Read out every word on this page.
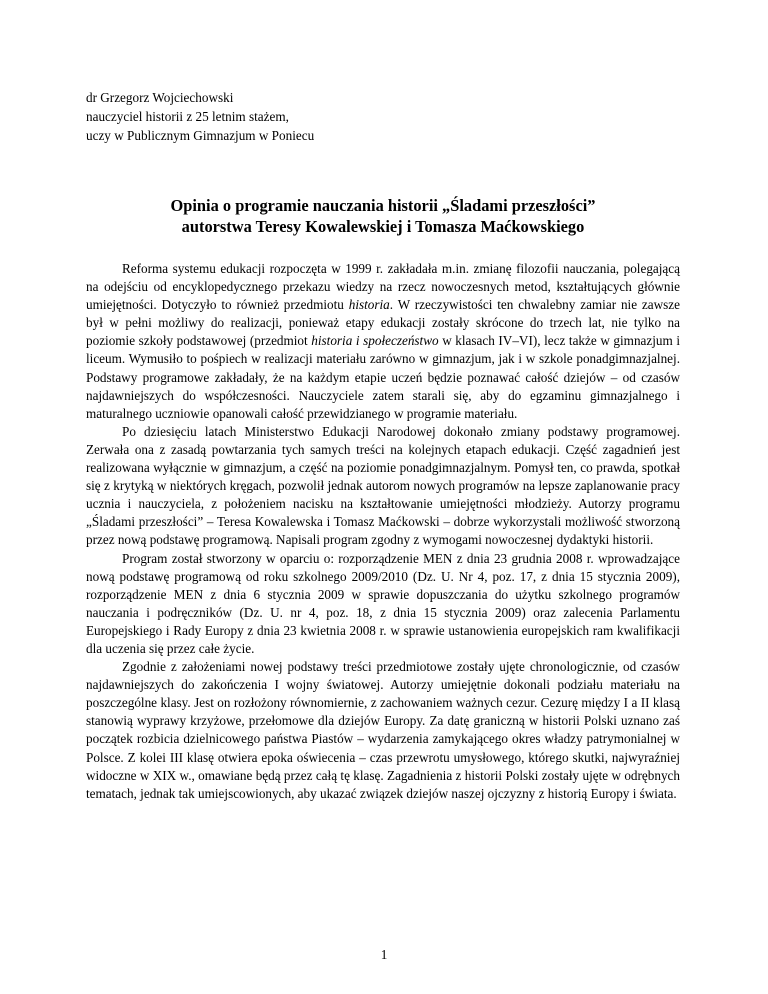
dr Grzegorz Wojciechowski
nauczyciel historii z 25 letnim stażem,
uczy w Publicznym Gimnazjum w Poniecu
Opinia o programie nauczania historii „Śladami przeszłości”
autorstwa Teresy Kowalewskiej i Tomasza Maćkowskiego

Reforma systemu edukacji rozpoczęta w 1999 r. zakładała m.in. zmianę filozofii nauczania, polegającą na odejściu od encyklopedycznego przekazu wiedzy na rzecz nowoczesnych metod, kształtujących głównie umiejętności. Dotyczyło to również przedmiotu historia. W rzeczywistości ten chwalebny zamiar nie zawsze był w pełni możliwy do realizacji, ponieważ etapy edukacji zostały skrócone do trzech lat, nie tylko na poziomie szkoły podstawowej (przedmiot historia i społeczeństwo w klasach IV–VI), lecz także w gimnazjum i liceum. Wymusiło to pośpiech w realizacji materiału zarówno w gimnazjum, jak i w szkole ponadgimnazjalnej. Podstawy programowe zakładały, że na każdym etapie uczeń będzie poznawać całość dziejów – od czasów najdawniejszych do współczesności. Nauczyciele zatem starali się, aby do egzaminu gimnazjalnego i maturalnego uczniowie opanowali całość przewidzianego w programie materiału.

Po dziesięciu latach Ministerstwo Edukacji Narodowej dokonało zmiany podstawy programowej. Zerwała ona z zasadą powtarzania tych samych treści na kolejnych etapach edukacji. Część zagadnień jest realizowana wyłącznie w gimnazjum, a część na poziomie ponadgimnazjalnym. Pomysł ten, co prawda, spotkał się z krytyką w niektórych kręgach, pozwolił jednak autorom nowych programów na lepsze zaplanowanie pracy ucznia i nauczyciela, z położeniem nacisku na kształtowanie umiejętności młodzieży. Autorzy programu „Śladami przeszłości” – Teresa Kowalewska i Tomasz Maćkowski – dobrze wykorzystali możliwość stworzoną przez nową podstawę programową. Napisali program zgodny z wymogami nowoczesnej dydaktyki historii.

Program został stworzony w oparciu o: rozporządzenie MEN z dnia 23 grudnia 2008 r. wprowadzające nową podstawę programową od roku szkolnego 2009/2010 (Dz. U. Nr 4, poz. 17, z dnia 15 stycznia 2009), rozporządzenie MEN z dnia 6 stycznia 2009 w sprawie dopuszczania do użytku szkolnego programów nauczania i podręczników (Dz. U. nr 4, poz. 18, z dnia 15 stycznia 2009) oraz zalecenia Parlamentu Europejskiego i Rady Europy z dnia 23 kwietnia 2008 r. w sprawie ustanowienia europejskich ram kwalifikacji dla uczenia się przez całe życie.

Zgodnie z założeniami nowej podstawy treści przedmiotowe zostały ujęte chronologicznie, od czasów najdawniejszych do zakończenia I wojny światowej. Autorzy umiejętnie dokonali podziału materiału na poszczególne klasy. Jest on rozłożony równomiernie, z zachowaniem ważnych cezur. Cezurę między I a II klasą stanowią wyprawy krzyżowe, przełomowe dla dziejów Europy. Za datę graniczną w historii Polski uznano zaś początek rozbicia dzielnicowego państwa Piastów – wydarzenia zamykającego okres władzy patrymonialnej w Polsce. Z kolei III klasę otwiera epoka oświecenia – czas przewrotu umysłowego, którego skutki, najwyraźniej widoczne w XIX w., omawiane będą przez całą tę klasę. Zagadnienia z historii Polski zostały ujęte w odrębnych tematach, jednak tak umiejscowionych, aby ukazać związek dziejów naszej ojczyzny z historią Europy i świata.

1
